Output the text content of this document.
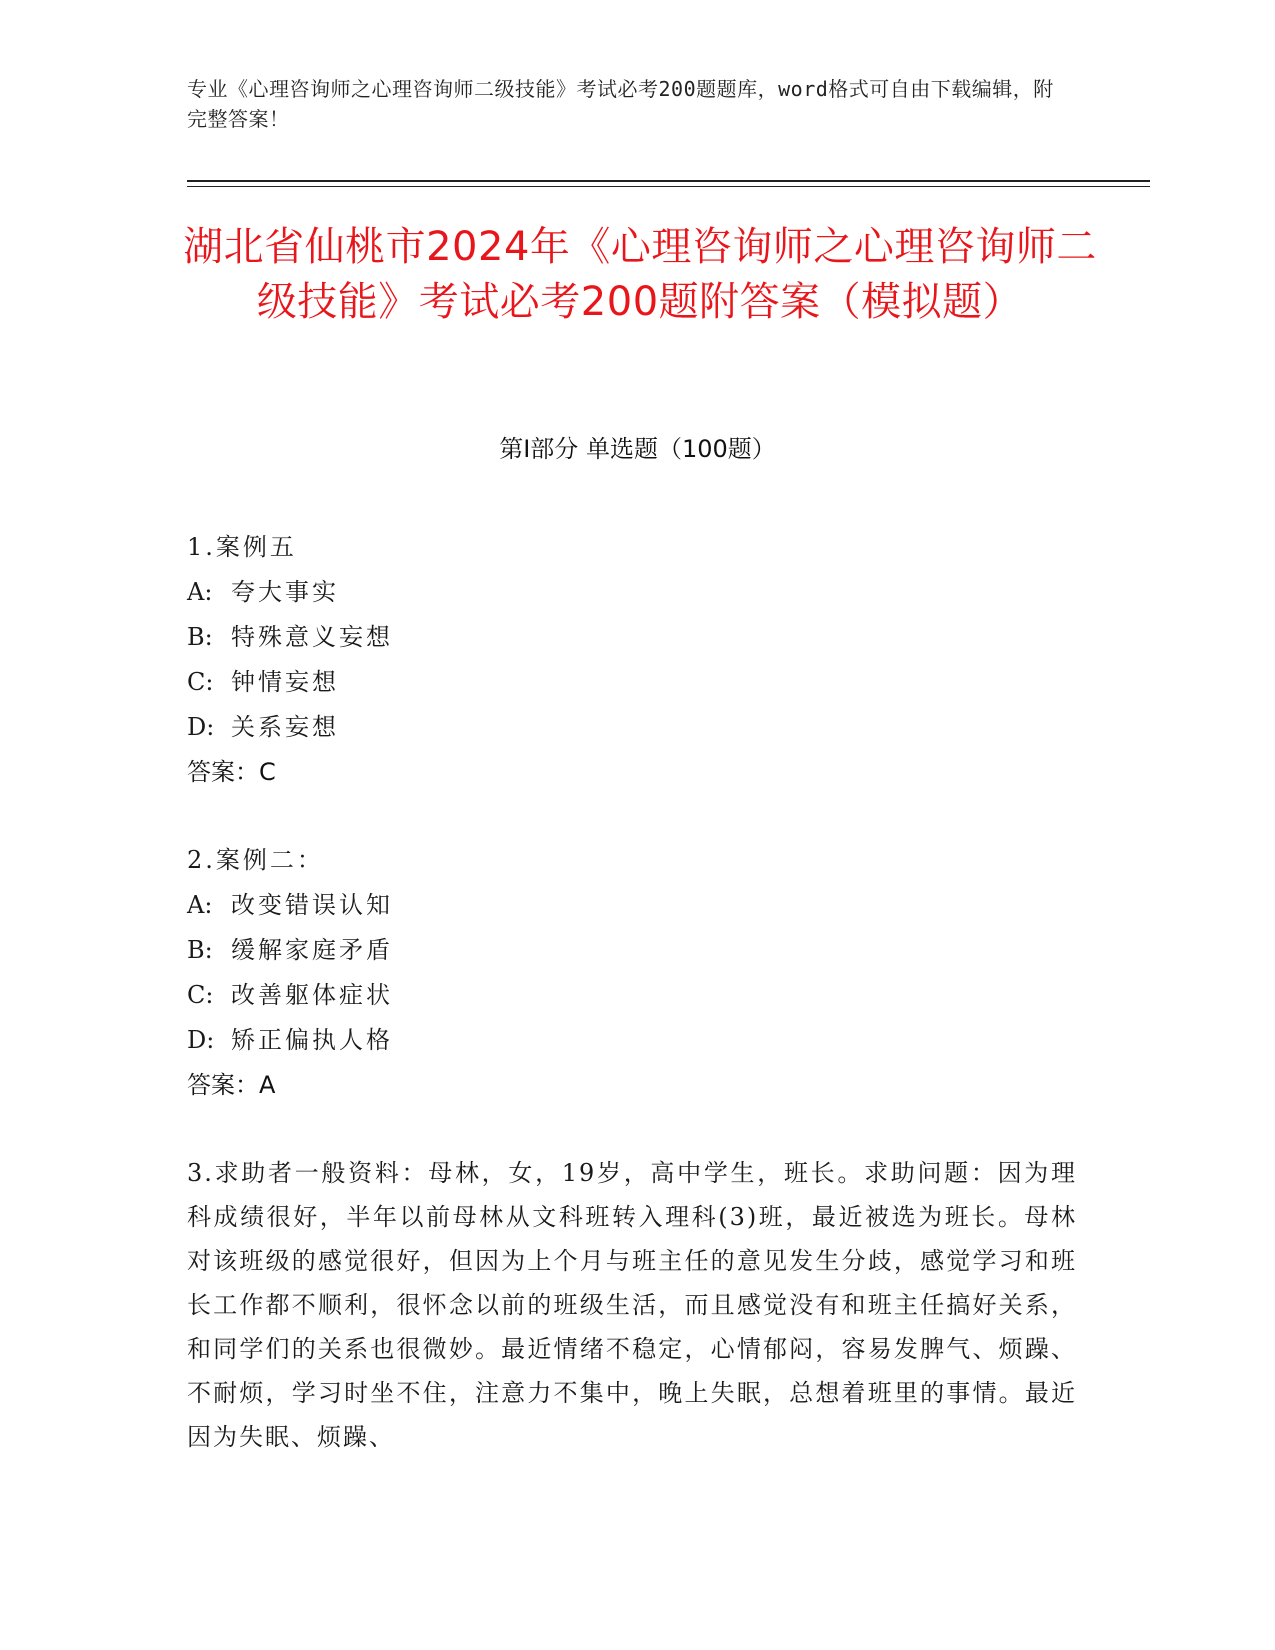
专业《心理咨询师之心理咨询师二级技能》考试必考200题题库，word格式可自由下载编辑，附完整答案！
湖北省仙桃市2024年《心理咨询师之心理咨询师二级技能》考试必考200题附答案（模拟题）
第Ⅰ部分 单选题（100题）

1.案例五

A: 夸大事实

B: 特殊意义妄想

C: 钟情妄想

D: 关系妄想

答案：C

2.案例二：

A: 改变错误认知

B: 缓解家庭矛盾

C: 改善躯体症状

D: 矫正偏执人格

答案：A

3.求助者一般资料：母林，女，19岁，高中学生，班长。求助问题：因为理科成绩很好，半年以前母林从文科班转入理科(3)班，最近被选为班长。母林对该班级的感觉很好，但因为上个月与班主任的意见发生分歧，感觉学习和班长工作都不顺利，很怀念以前的班级生活，而且感觉没有和班主任搞好关系，和同学们的关系也很微妙。最近情绪不稳定，心情郁闷，容易发脾气、烦躁、不耐烦，学习时坐不住，注意力不集中，晚上失眠，总想着班里的事情。最近因为失眠、烦躁、
